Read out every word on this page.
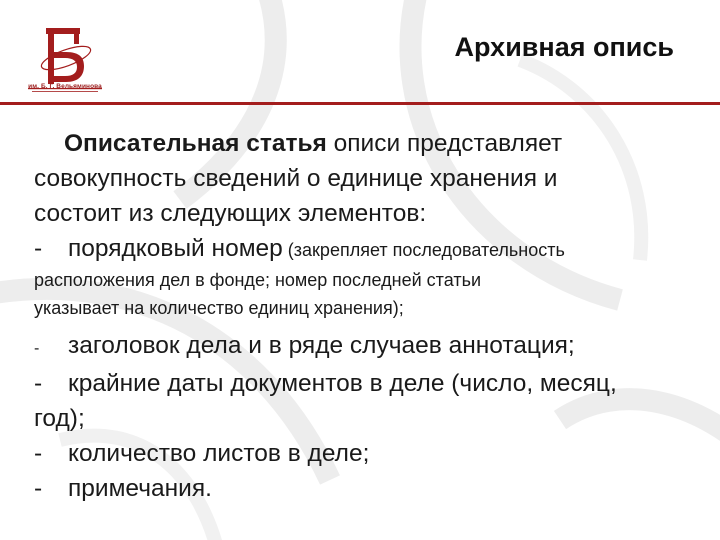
им. Б. Г. Вельяминова
Архивная опись
Описательная статья описи представляет
совокупность сведений о единице хранения и
состоит из следующих элементов:
- порядковый номер (закрепляет последовательность
расположения дел в фонде; номер последней статьи
указывает на количество единиц хранения);
- заголовок дела и в ряде случаев аннотация;
- крайние даты документов в деле (число, месяц,
год);
- количество листов в деле;
- примечания.
